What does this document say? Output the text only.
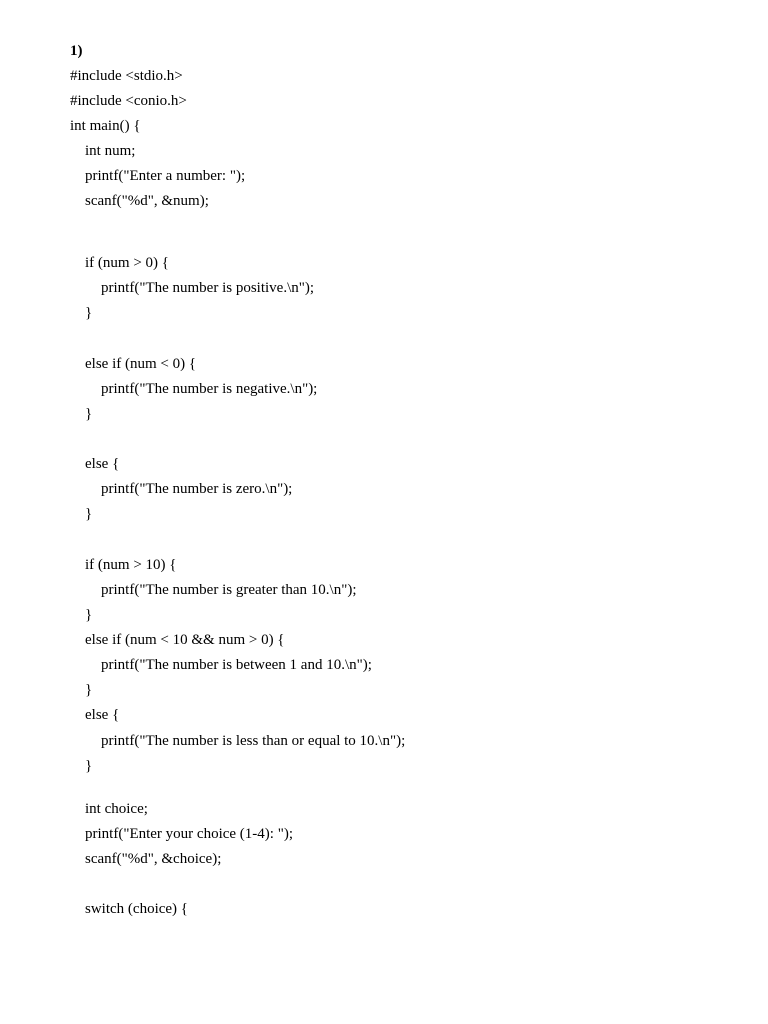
1)
#include <stdio.h>
#include <conio.h>
int main() {
int num;
printf("Enter a number: ");
scanf("%d", &num);
if (num > 0) {
printf("The number is positive.\n");
}
else if (num < 0) {
printf("The number is negative.\n");
}
else {
printf("The number is zero.\n");
}
if (num > 10) {
printf("The number is greater than 10.\n");
}
else if (num < 10 && num > 0) {
printf("The number is between 1 and 10.\n");
}
else {
printf("The number is less than or equal to 10.\n");
}
int choice;
printf("Enter your choice (1-4): ");
scanf("%d", &choice);
switch (choice) {
